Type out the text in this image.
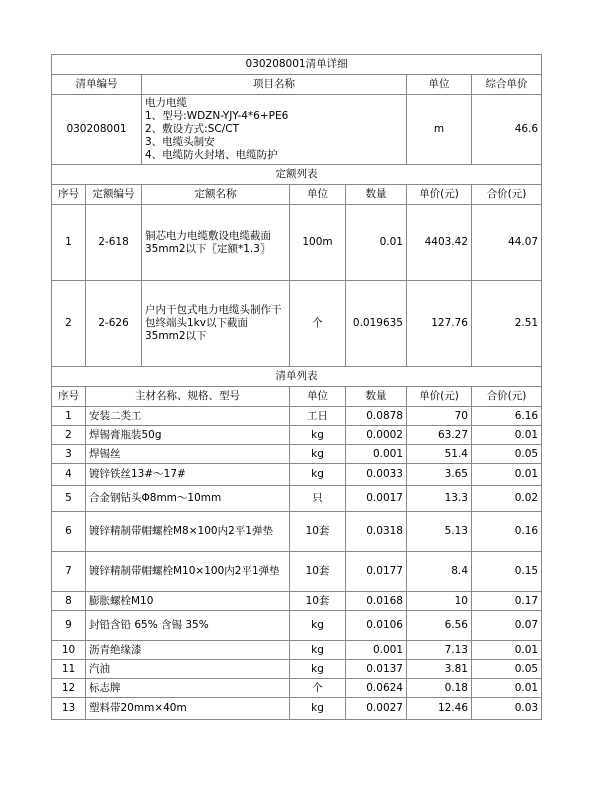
030208001清单详细						
清单编号		项目名称			单位	综合单价
030208001		电力电缆
1、型号:WDZN-YJY-4*6+PE6
2、敷设方式:SC/CT
3、电缆头制安
4、电缆防火封堵、电缆防护			m	46.6
定额列表						
序号	定额编号	定额名称	单位	数量	单价(元)	合价(元)
1	2-618	铜芯电力电缆敷设电缆截面35mm2以下〖定额*1.3〗	100m	0.01	4403.42	44.07
2	2-626	户内干包式电力电缆头制作干包终端头1kv以下截面35mm2以下	个	0.019635	127.76	2.51
清单列表						
序号	主材名称、规格、型号		单位	数量	单价(元)	合价(元)
1	安装二类工		工日	0.0878	70	6.16
2	焊锡膏瓶装50g		kg	0.0002	63.27	0.01
3	焊锡丝		kg	0.001	51.4	0.05
4	镀锌铁丝13#～17#		kg	0.0033	3.65	0.01
5	合金钢钻头Φ8mm～10mm		只	0.0017	13.3	0.02
6	镀锌精制带帽螺栓M8×100内2平1弹垫		10套	0.0318	5.13	0.16
7	镀锌精制带帽螺栓M10×100内2平1弹垫		10套	0.0177	8.4	0.15
8	膨胀螺栓M10		10套	0.0168	10	0.17
9	封铅含铅 65% 含锡 35%		kg	0.0106	6.56	0.07
10	沥青绝缘漆		kg	0.001	7.13	0.01
11	汽油		kg	0.0137	3.81	0.05
12	标志牌		个	0.0624	0.18	0.01
13	塑料带20mm×40m		kg	0.0027	12.46	0.03
